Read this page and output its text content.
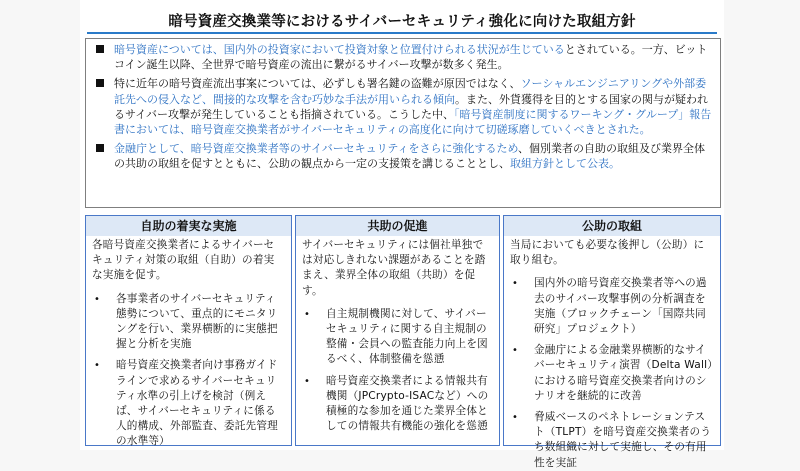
暗号資産交換業等におけるサイバーセキュリティ強化に向けた取組方針
暗号資産については、国内外の投資家において投資対象と位置付けられる状況が生じているとされている。一方、ビットコイン誕生以降、全世界で暗号資産の流出に繋がるサイバー攻撃が数多く発生。
特に近年の暗号資産流出事案については、必ずしも署名鍵の盗難が原因ではなく、ソーシャルエンジニアリングや外部委託先への侵入など、間接的な攻撃を含む巧妙な手法が用いられる傾向。また、外貨獲得を目的とする国家の関与が疑われるサイバー攻撃が発生していることも指摘されている。こうした中、「暗号資産制度に関するワーキング・グループ」報告書においては、暗号資産交換業者がサイバーセキュリティの高度化に向けて切磋琢磨していくべきとされた。
金融庁として、暗号資産交換業者等のサイバーセキュリティをさらに強化するため、個別業者の自助の取組及び業界全体の共助の取組を促すとともに、公助の観点から一定の支援策を講じることとし、取組方針として公表。
自助の着実な実施
各暗号資産交換業者によるサイバーセキュリティ対策の取組（自助）の着実な実施を促す。
•	各事業者のサイバーセキュリティ態勢について、重点的にモニタリングを行い、業界横断的に実態把握と分析を実施
•	暗号資産交換業者向け事務ガイドラインで求めるサイバーセキュリティ水準の引上げを検討（例えば、サイバーセキュリティに係る人的構成、外部監査、委託先管理の水準等）
共助の促進
サイバーセキュリティには個社単独では対応しきれない課題があることを踏まえ、業界全体の取組（共助）を促す。
•	自主規制機関に対して、サイバーセキュリティに関する自主規制の整備・会員への監査能力向上を図るべく、体制整備を慫慂
•	暗号資産交換業者による情報共有機関（JPCrypto-ISACなど）への積極的な参加を通じた業界全体としての情報共有機能の強化を慫慂
公助の取組
当局においても必要な後押し（公助）に取り組む。
•	国内外の暗号資産交換業者等への過去のサイバー攻撃事例の分析調査を実施（ブロックチェーン「国際共同研究」プロジェクト）
•	金融庁による金融業界横断的なサイバーセキュリティ演習（Delta Wall）における暗号資産交換業者向けのシナリオを継続的に改善
•	脅威ベースのペネトレーションテスト（TLPT）を暗号資産交換業者のうち数組織に対して実施し、その有用性を実証
